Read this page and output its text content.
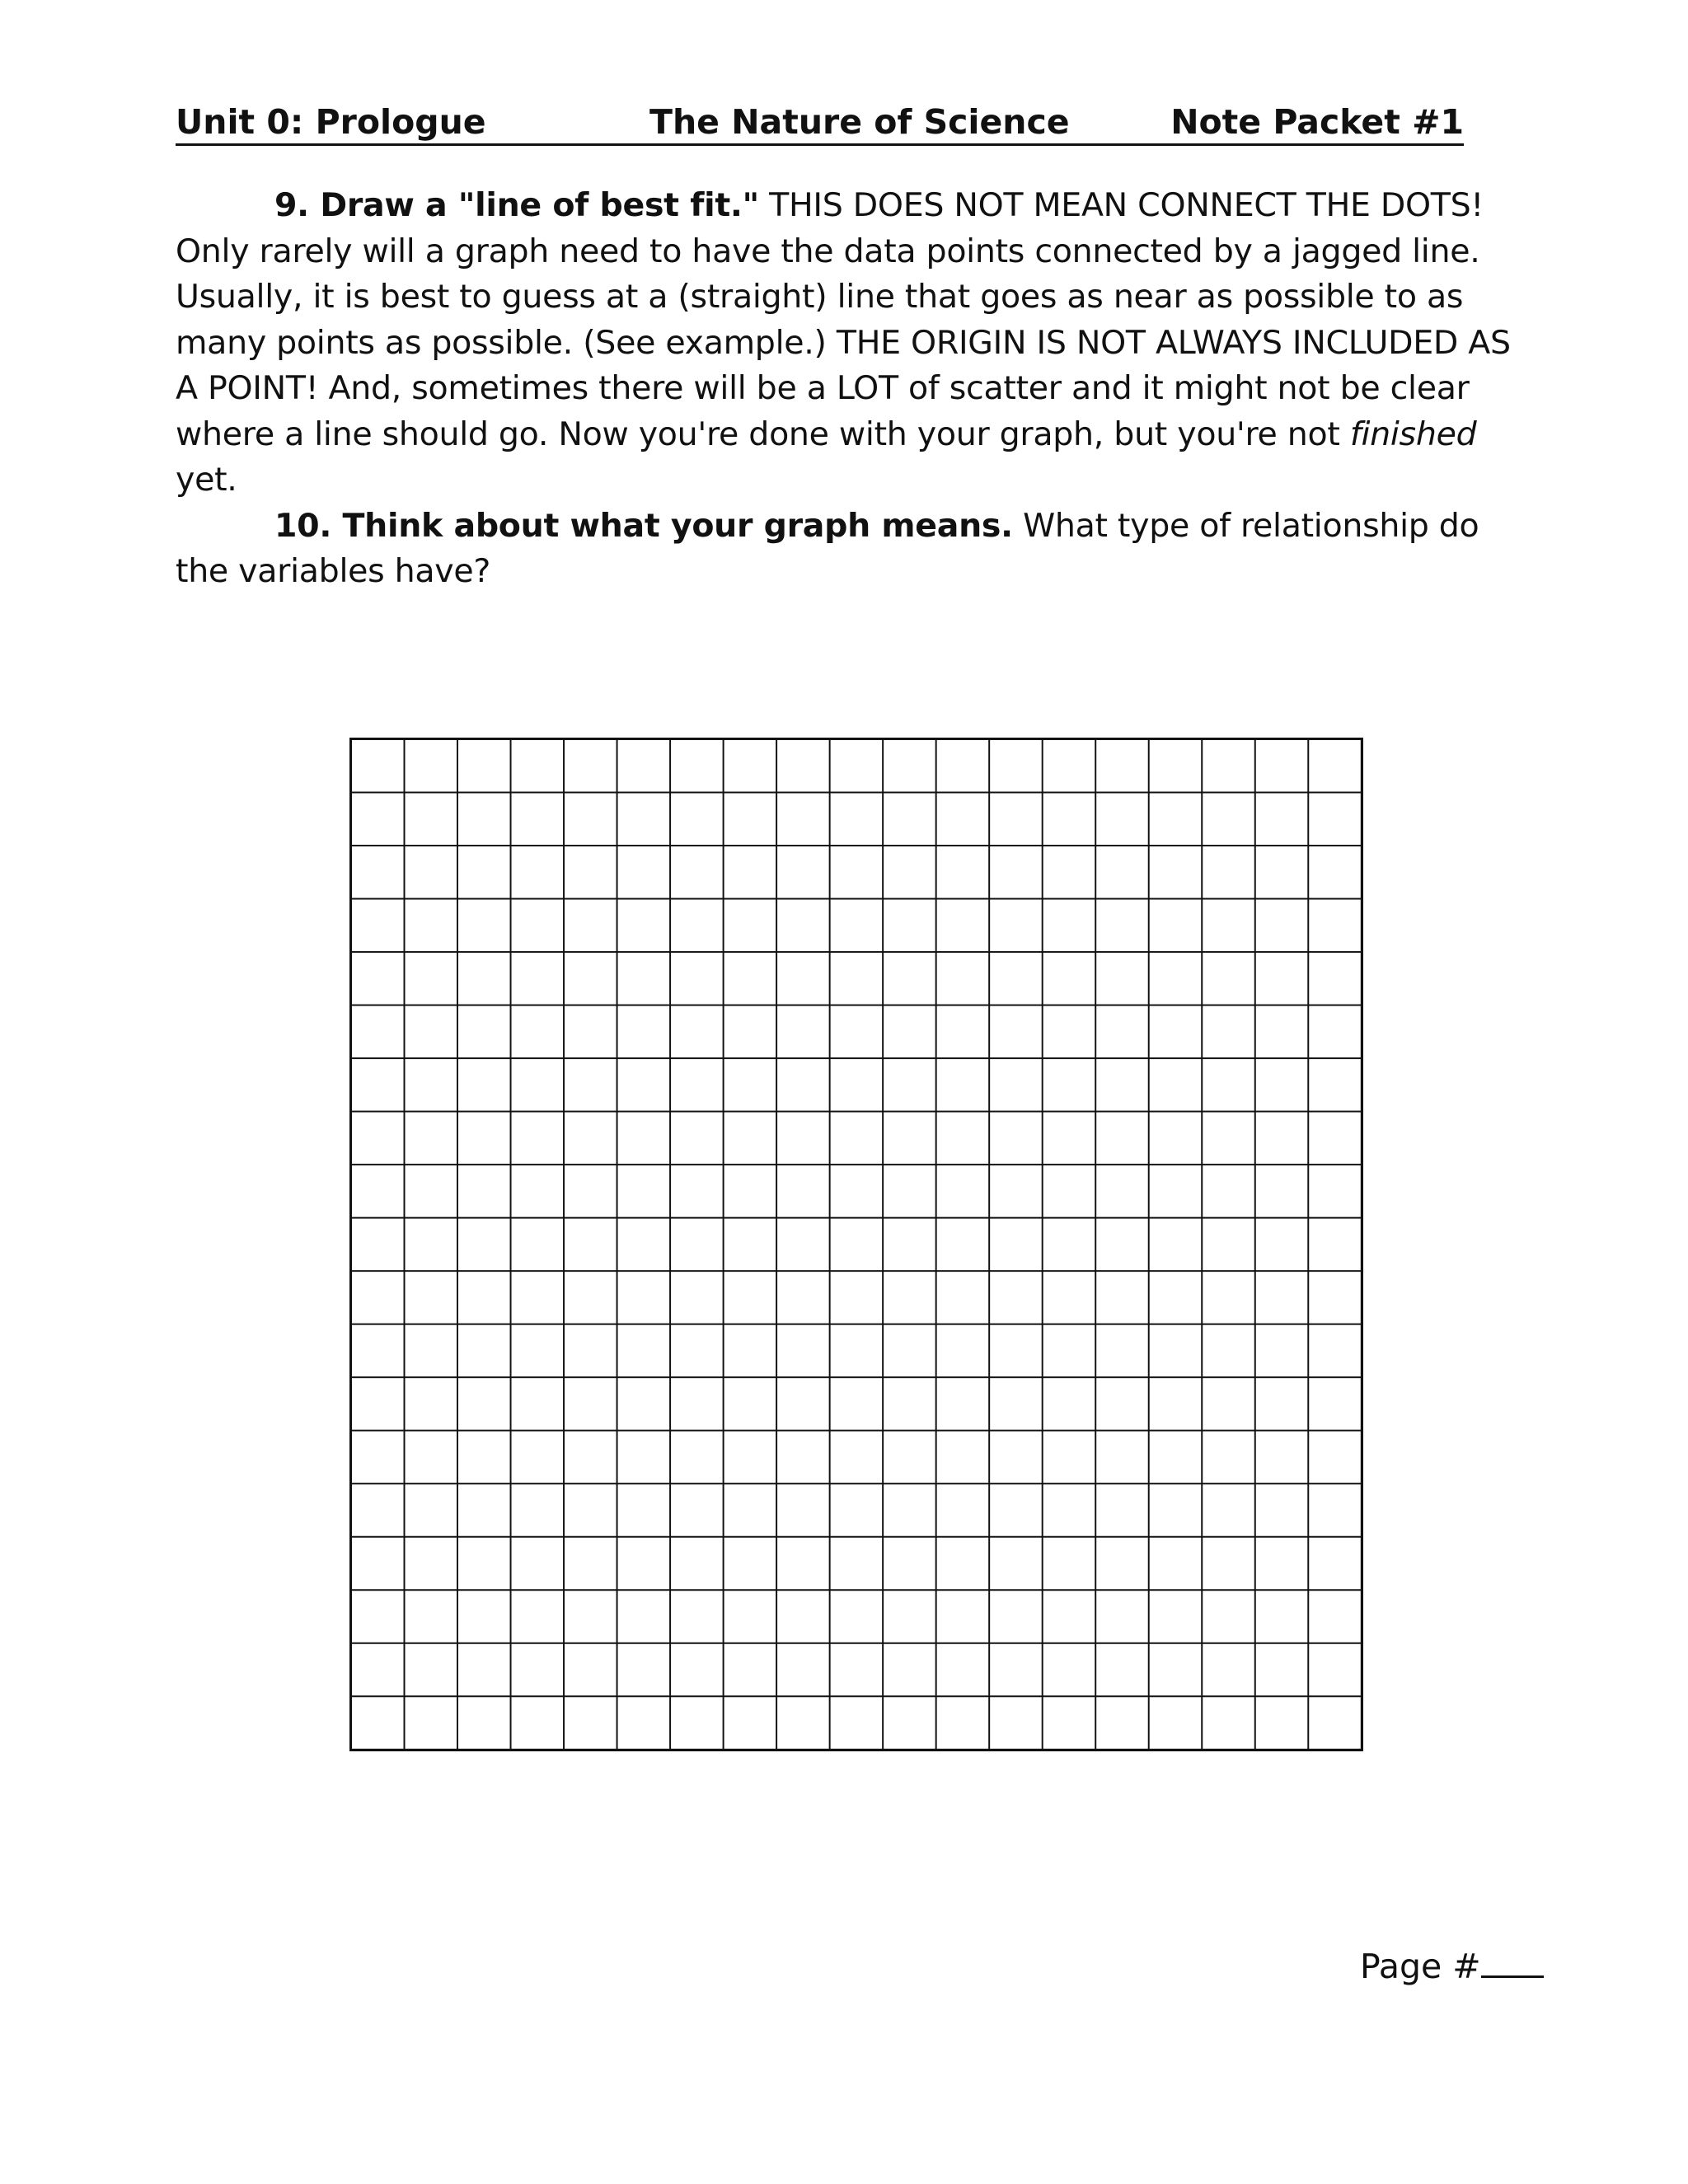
Unit 0: Prologue	The Nature of Science	Note Packet #1

9. Draw a "line of best fit." THIS DOES NOT MEAN CONNECT THE DOTS! Only rarely will a graph need to have the data points connected by a jagged line. Usually, it is best to guess at a (straight) line that goes as near as possible to as many points as possible. (See example.) THE ORIGIN IS NOT ALWAYS INCLUDED AS A POINT! And, sometimes there will be a LOT of scatter and it might not be clear where a line should go. Now you're done with your graph, but you're not finished yet.

10. Think about what your graph means. What type of relationship do the variables have?

Page #
